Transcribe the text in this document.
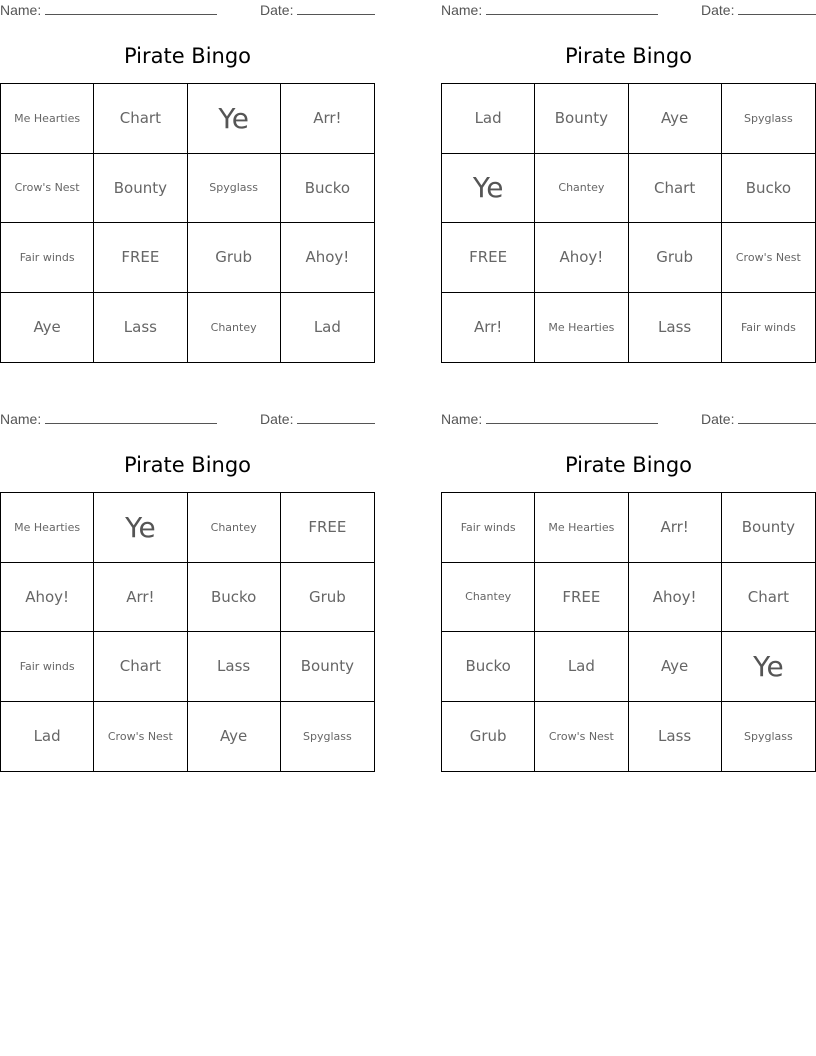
Name:	Date:
Pirate Bingo
Me Hearties	Chart	Ye	Arr!
Crow's Nest	Bounty	Spyglass	Bucko
Fair winds	FREE	Grub	Ahoy!
Aye	Lass	Chantey	Lad
Name:	Date:
Pirate Bingo
Lad	Bounty	Aye	Spyglass
Ye	Chantey	Chart	Bucko
FREE	Ahoy!	Grub	Crow's Nest
Arr!	Me Hearties	Lass	Fair winds
Name:	Date:
Pirate Bingo
Me Hearties	Ye	Chantey	FREE
Ahoy!	Arr!	Bucko	Grub
Fair winds	Chart	Lass	Bounty
Lad	Crow's Nest	Aye	Spyglass
Name:	Date:
Pirate Bingo
Fair winds	Me Hearties	Arr!	Bounty
Chantey	FREE	Ahoy!	Chart
Bucko	Lad	Aye	Ye
Grub	Crow's Nest	Lass	Spyglass
